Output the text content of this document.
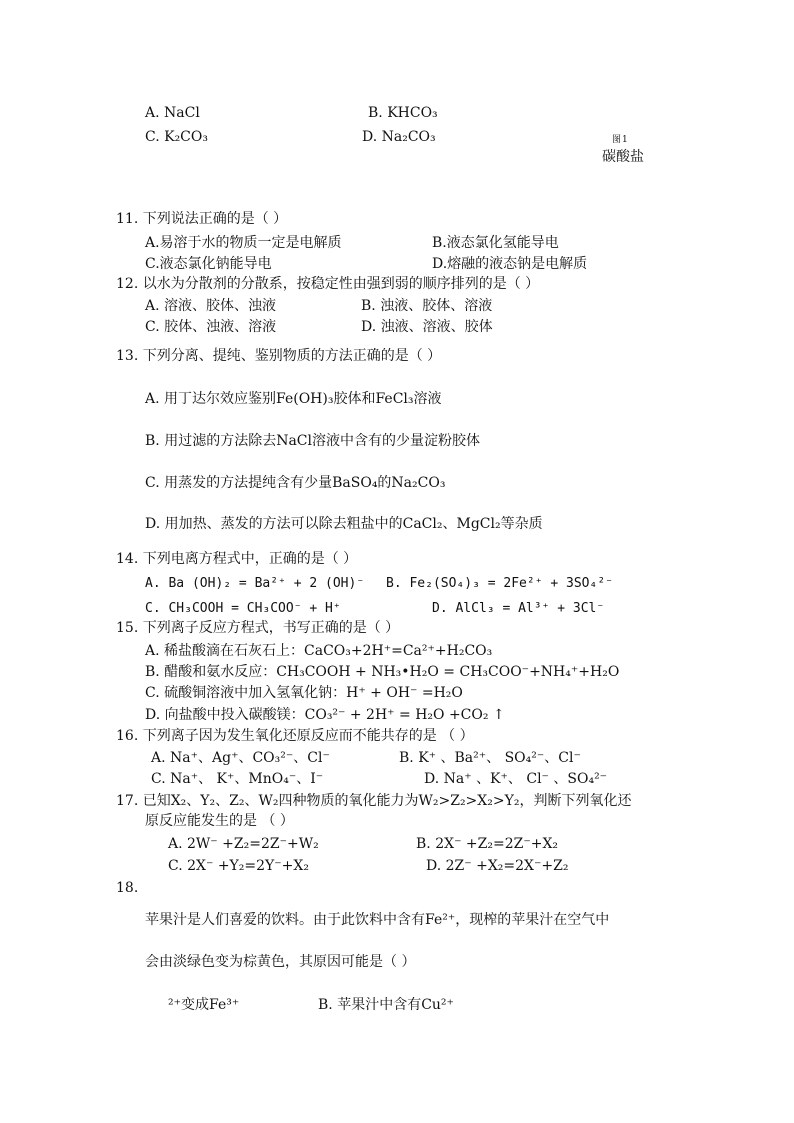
A. NaCl	B. KHCO₃
C. K₂CO₃	D. Na₂CO₃	图1
碳酸盐
11. 下列说法正确的是（ ）
A.易溶于水的物质一定是电解质	B.液态氯化氢能导电
C.液态氯化钠能导电	D.熔融的液态钠是电解质
12. 以水为分散剂的分散系，按稳定性由强到弱的顺序排列的是（ ）
A. 溶液、胶体、浊液	B. 浊液、胶体、溶液
C. 胶体、浊液、溶液	D. 浊液、溶液、胶体
13. 下列分离、提纯、鉴别物质的方法正确的是（ ）
A. 用丁达尔效应鉴别Fe(OH)₃胶体和FeCl₃溶液
B. 用过滤的方法除去NaCl溶液中含有的少量淀粉胶体
C. 用蒸发的方法提纯含有少量BaSO₄的Na₂CO₃
D. 用加热、蒸发的方法可以除去粗盐中的CaCl₂、MgCl₂等杂质
14. 下列电离方程式中，正确的是（ ）
A. Ba (OH)₂ = Ba²⁺ + 2 (OH)⁻ B. Fe₂(SO₄)₃ = 2Fe²⁺ + 3SO₄²⁻
C. CH₃COOH = CH₃COO⁻ + H⁺	D. AlCl₃ = Al³⁺ + 3Cl⁻
15. 下列离子反应方程式，书写正确的是（ ）
A. 稀盐酸滴在石灰石上：CaCO₃+2H⁺=Ca²⁺+H₂CO₃
B. 醋酸和氨水反应：CH₃COOH + NH₃•H₂O = CH₃COO⁻+NH₄⁺+H₂O
C. 硫酸铜溶液中加入氢氧化钠：H⁺ + OH⁻ =H₂O
D. 向盐酸中投入碳酸镁：CO₃²⁻ + 2H⁺ = H₂O +CO₂ ↑
16. 下列离子因为发生氧化还原反应而不能共存的是 （ ）
A. Na⁺、Ag⁺、CO₃²⁻、Cl⁻	B. K⁺ 、Ba²⁺、 SO₄²⁻、Cl⁻
C. Na⁺、 K⁺、MnO₄⁻、I⁻	D. Na⁺ 、K⁺、 Cl⁻ 、SO₄²⁻
17. 已知X₂、Y₂、Z₂、W₂四种物质的氧化能力为W₂>Z₂>X₂>Y₂，判断下列氧化还
原反应能发生的是 （ ）
A. 2W⁻ +Z₂=2Z⁻+W₂	B. 2X⁻ +Z₂=2Z⁻+X₂
C. 2X⁻ +Y₂=2Y⁻+X₂	D. 2Z⁻ +X₂=2X⁻+Z₂
18.
苹果汁是人们喜爱的饮料。由于此饮料中含有Fe²⁺，现榨的苹果汁在空气中
会由淡绿色变为棕黄色，其原因可能是（ ）
²⁺变成Fe³⁺	B. 苹果汁中含有Cu²⁺
